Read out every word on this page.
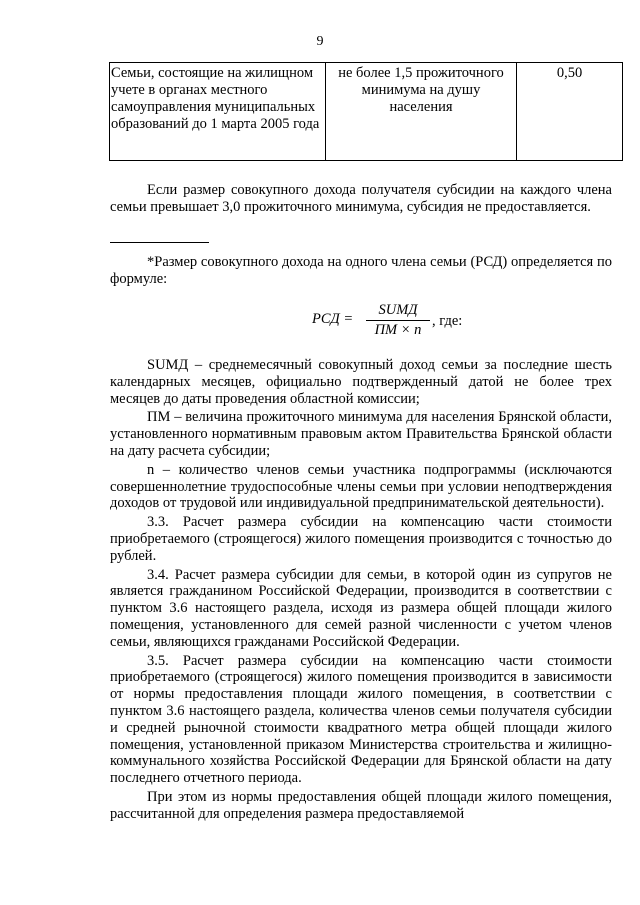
9
Семьи, состоящие на жилищном учете в органах местного самоуправления муниципальных образований до 1 марта 2005 года	не более 1,5 прожиточного минимума на душу населения	0,50

Если размер совокупного дохода получателя субсидии на каждого члена семьи превышает 3,0 прожиточного минимума, субсидия не предоставляется.

*Размер совокупного дохода на одного члена семьи (РСД) определяется по формуле:

РСД =
SUMД
ПМ × n
, где:

SUMД – среднемесячный совокупный доход семьи за последние шесть календарных месяцев, официально подтвержденный датой не более трех месяцев до даты проведения областной комиссии;

ПМ – величина прожиточного минимума для населения Брянской области, установленного нормативным правовым актом Правительства Брянской области на дату расчета субсидии;

n – количество членов семьи участника подпрограммы (исключаются совершеннолетние трудоспособные члены семьи при условии неподтверждения доходов от трудовой или индивидуальной предпринимательской деятельности).

3.3. Расчет размера субсидии на компенсацию части стоимости приобретаемого (строящегося) жилого помещения производится с точностью до рублей.

3.4. Расчет размера субсидии для семьи, в которой один из супругов не является гражданином Российской Федерации, производится в соответствии с пунктом 3.6 настоящего раздела, исходя из размера общей площади жилого помещения, установленного для семей разной численности с учетом членов семьи, являющихся гражданами Российской Федерации.

3.5. Расчет размера субсидии на компенсацию части стоимости приобретаемого (строящегося) жилого помещения производится в зависимости от нормы предоставления площади жилого помещения, в соответствии с пунктом 3.6 настоящего раздела, количества членов семьи получателя субсидии и средней рыночной стоимости квадратного метра общей площади жилого помещения, установленной приказом Министерства строительства и жилищно-коммунального хозяйства Российской Федерации для Брянской области на дату последнего отчетного периода.

При этом из нормы предоставления общей площади жилого помещения, рассчитанной для определения размера предоставляемой
